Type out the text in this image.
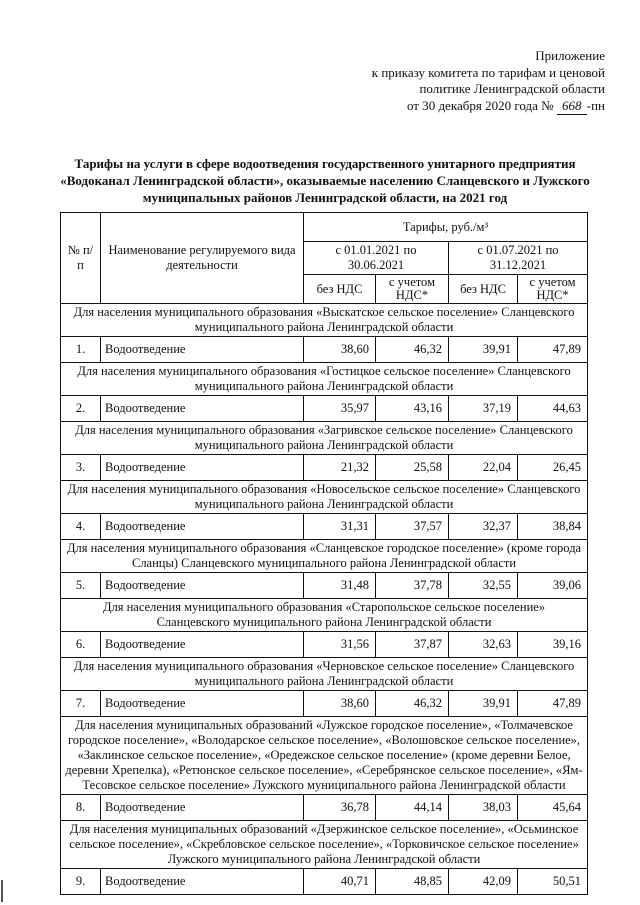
Приложение
к приказу комитета по тарифам и ценовой
политике Ленинградской области
от 30 декабря 2020 года № 668 -пн
Тарифы на услуги в сфере водоотведения государственного унитарного предприятия
«Водоканал Ленинградской области», оказываемые населению Сланцевского и Лужского
муниципальных районов Ленинградской области, на 2021 год
№ п/п	Наименование регулируемого вида деятельности	Тарифы, руб./м³			
		с 01.01.2021 по 30.06.2021		с 01.07.2021 по 31.12.2021	
		без НДС	с учетом НДС*	без НДС	с учетом НДС*
Для населения муниципального образования «Выскатское сельское поселение» Сланцевского муниципального района Ленинградской области					
1.	Водоотведение	38,60	46,32	39,91	47,89
Для населения муниципального образования «Гостицкое сельское поселение» Сланцевского муниципального района Ленинградской области					
2.	Водоотведение	35,97	43,16	37,19	44,63
Для населения муниципального образования «Загривское сельское поселение» Сланцевского муниципального района Ленинградской области					
3.	Водоотведение	21,32	25,58	22,04	26,45
Для населения муниципального образования «Новосельское сельское поселение» Сланцевского муниципального района Ленинградской области					
4.	Водоотведение	31,31	37,57	32,37	38,84
Для населения муниципального образования «Сланцевское городское поселение» (кроме города Сланцы) Сланцевского муниципального района Ленинградской области					
5.	Водоотведение	31,48	37,78	32,55	39,06
Для населения муниципального образования «Старопольское сельское поселение» Сланцевского муниципального района Ленинградской области					
6.	Водоотведение	31,56	37,87	32,63	39,16
Для населения муниципального образования «Черновское сельское поселение» Сланцевского муниципального района Ленинградской области					
7.	Водоотведение	38,60	46,32	39,91	47,89
Для населения муниципальных образований «Лужское городское поселение», «Толмачевское городское поселение», «Володарское сельское поселение», «Волошовское сельское поселение», «Заклинское сельское поселение», «Оредежское сельское поселение» (кроме деревни Белое, деревни Хрепелка), «Ретюнское сельское поселение», «Серебрянское сельское поселение», «Ям-Тесовское сельское поселение» Лужского муниципального района Ленинградской области					
8.	Водоотведение	36,78	44,14	38,03	45,64
Для населения муниципальных образований «Дзержинское сельское поселение», «Осьминское сельское поселение», «Скребловское сельское поселение», «Торковичское сельское поселение» Лужского муниципального района Ленинградской области					
9.	Водоотведение	40,71	48,85	42,09	50,51
